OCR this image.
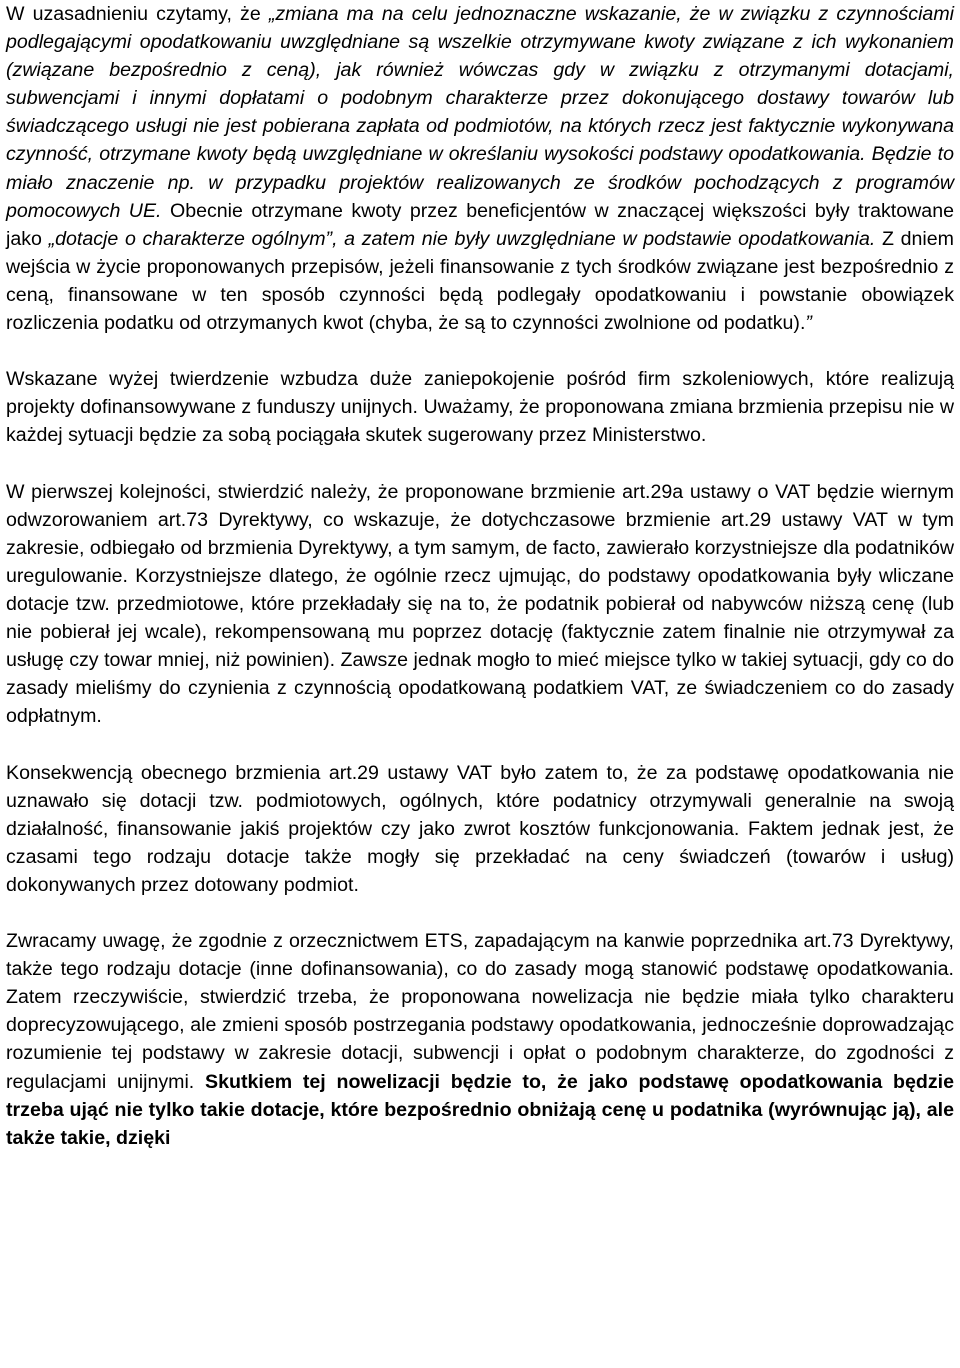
W uzasadnieniu czytamy, że „zmiana ma na celu jednoznaczne wskazanie, że w związku z czynnościami podlegającymi opodatkowaniu uwzględniane są wszelkie otrzymywane kwoty związane z ich wykonaniem (związane bezpośrednio z ceną), jak również wówczas gdy w związku z otrzymanymi dotacjami, subwencjami i innymi dopłatami o podobnym charakterze przez dokonującego dostawy towarów lub świadczącego usługi nie jest pobierana zapłata od podmiotów, na których rzecz jest faktycznie wykonywana czynność, otrzymane kwoty będą uwzględniane w określaniu wysokości podstawy opodatkowania. Będzie to miało znaczenie np. w przypadku projektów realizowanych ze środków pochodzących z programów pomocowych UE. Obecnie otrzymane kwoty przez beneficjentów w znaczącej większości były traktowane jako „dotacje o charakterze ogólnym”, a zatem nie były uwzględniane w podstawie opodatkowania. Z dniem wejścia w życie proponowanych przepisów, jeżeli finansowanie z tych środków związane jest bezpośrednio z ceną, finansowane w ten sposób czynności będą podlegały opodatkowaniu i powstanie obowiązek rozliczenia podatku od otrzymanych kwot (chyba, że są to czynności zwolnione od podatku).”

Wskazane wyżej twierdzenie wzbudza duże zaniepokojenie pośród firm szkoleniowych, które realizują projekty dofinansowywane z funduszy unijnych. Uważamy, że proponowana zmiana brzmienia przepisu nie w każdej sytuacji będzie za sobą pociągała skutek sugerowany przez Ministerstwo.

W pierwszej kolejności, stwierdzić należy, że proponowane brzmienie art.29a ustawy o VAT będzie wiernym odwzorowaniem art.73 Dyrektywy, co wskazuje, że dotychczasowe brzmienie art.29 ustawy VAT w tym zakresie, odbiegało od brzmienia Dyrektywy, a tym samym, de facto, zawierało korzystniejsze dla podatników uregulowanie. Korzystniejsze dlatego, że ogólnie rzecz ujmując, do podstawy opodatkowania były wliczane dotacje tzw. przedmiotowe, które przekładały się na to, że podatnik pobierał od nabywców niższą cenę (lub nie pobierał jej wcale), rekompensowaną mu poprzez dotację (faktycznie zatem finalnie nie otrzymywał za usługę czy towar mniej, niż powinien). Zawsze jednak mogło to mieć miejsce tylko w takiej sytuacji, gdy co do zasady mieliśmy do czynienia z czynnością opodatkowaną podatkiem VAT, ze świadczeniem co do zasady odpłatnym.

Konsekwencją obecnego brzmienia art.29 ustawy VAT było zatem to, że za podstawę opodatkowania nie uznawało się dotacji tzw. podmiotowych, ogólnych, które podatnicy otrzymywali generalnie na swoją działalność, finansowanie jakiś projektów czy jako zwrot kosztów funkcjonowania. Faktem jednak jest, że czasami tego rodzaju dotacje także mogły się przekładać na ceny świadczeń (towarów i usług) dokonywanych przez dotowany podmiot.

Zwracamy uwagę, że zgodnie z orzecznictwem ETS, zapadającym na kanwie poprzednika art.73 Dyrektywy, także tego rodzaju dotacje (inne dofinansowania), co do zasady mogą stanowić podstawę opodatkowania. Zatem rzeczywiście, stwierdzić trzeba, że proponowana nowelizacja nie będzie miała tylko charakteru doprecyzowującego, ale zmieni sposób postrzegania podstawy opodatkowania, jednocześnie doprowadzając rozumienie tej podstawy w zakresie dotacji, subwencji i opłat o podobnym charakterze, do zgodności z regulacjami unijnymi. Skutkiem tej nowelizacji będzie to, że jako podstawę opodatkowania będzie trzeba ująć nie tylko takie dotacje, które bezpośrednio obniżają cenę u podatnika (wyrównując ją), ale także takie, dzięki
